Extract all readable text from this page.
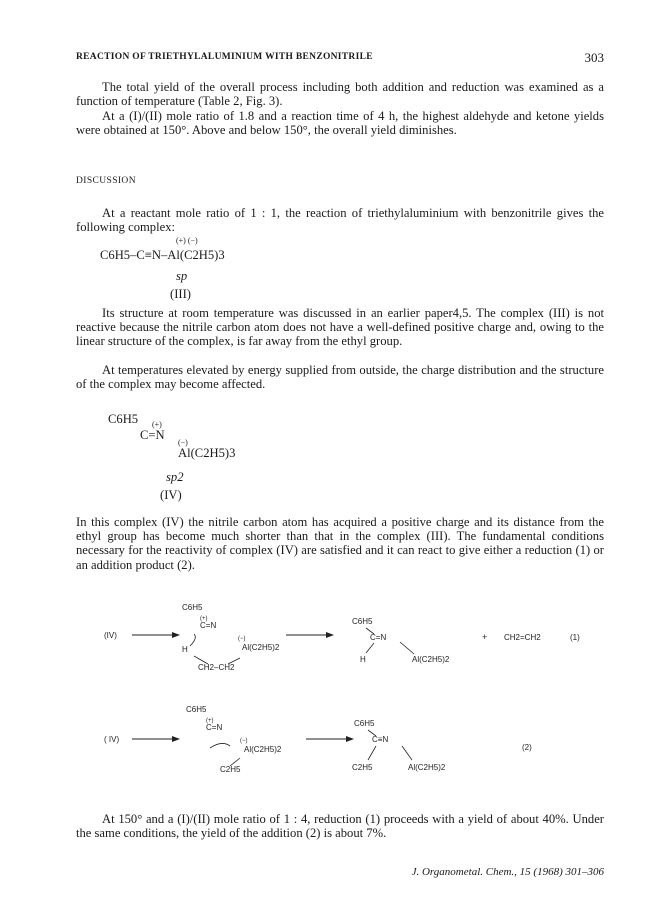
REACTION OF TRIETHYLALUMINIUM WITH BENZONITRILE	303

The total yield of the overall process including both addition and reduction was examined as a function of temperature (Table 2, Fig. 3).

At a (I)/(II) mole ratio of 1.8 and a reaction time of 4 h, the highest aldehyde and ketone yields were obtained at 150°. Above and below 150°, the overall yield diminishes.

DISCUSSION

At a reactant mole ratio of 1 : 1, the reaction of triethylaluminium with benzonitrile gives the following complex:

(+) (−)
C6H5–C≡N–Al(C2H5)3
sp
(III)

Its structure at room temperature was discussed in an earlier paper4,5. The complex (III) is not reactive because the nitrile carbon atom does not have a well-defined positive charge and, owing to the linear structure of the complex, is far away from the ethyl group.

At temperatures elevated by energy supplied from outside, the charge distribution and the structure of the complex may become affected.

C6H5 (+)
C=N
(−)
Al(C2H5)3
sp2
(IV)

In this complex (IV) the nitrile carbon atom has acquired a positive charge and its distance from the ethyl group has become much shorter than that in the complex (III). The fundamental conditions necessary for the reactivity of complex (IV) are satisfied and it can react to give either a reduction (1) or an addition product (2).

(IV)
C6H5
(+)
C=N
(−)
Al(C2H5)2
H
CH2–CH2
C6H5
C=N
H	Al(C2H5)2
+ CH2=CH2	(1)
( IV)
C6H5
(+)
C=N
(−)
Al(C2H5)2
C2H5
C6H5
C≡N
C2H5	Al(C2H5)2
(2)

At 150° and a (I)/(II) mole ratio of 1 : 4, reduction (1) proceeds with a yield of about 40%. Under the same conditions, the yield of the addition (2) is about 7%.

J. Organometal. Chem., 15 (1968) 301–306
